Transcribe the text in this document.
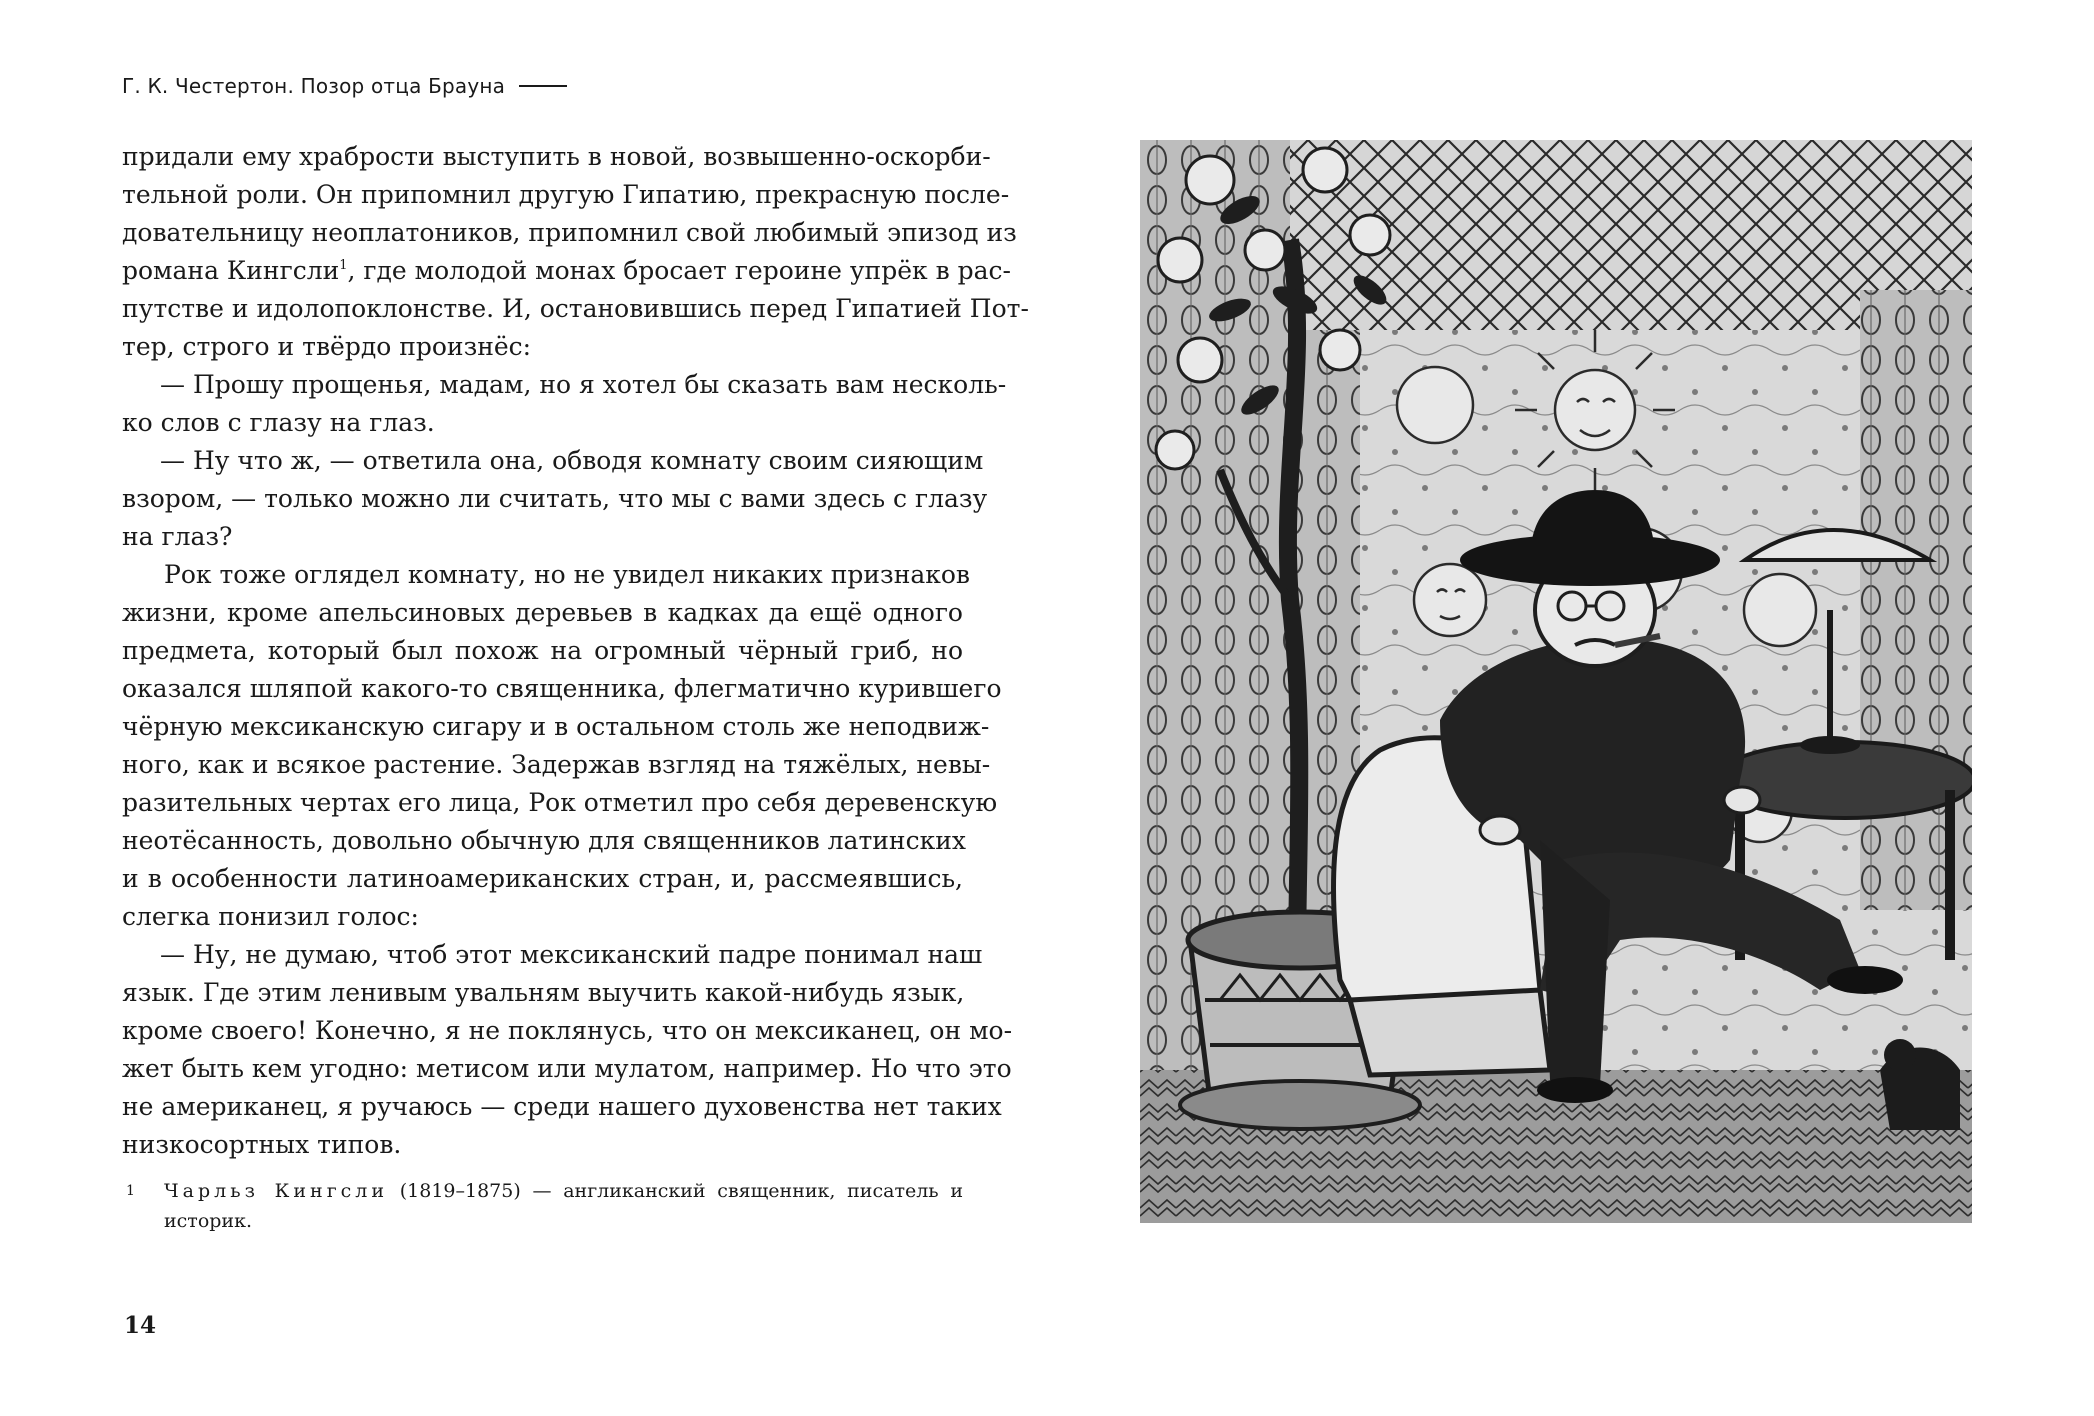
Г. К. Честертон.
Позор отца Брауна
придали ему храбрости выступить в новой, возвышенно-оскорби-
тельной роли. Он припомнил другую Гипатию, прекрасную после-
довательницу неоплатоников, припомнил свой любимый эпизод из
романа Кингсли$^1$, где молодой монах бросает героине упрёк в рас-
путстве и идолопоклонстве. И, остановившись перед Гипатией Пот-
тер, строго и твёрдо произнёс:
— Прошу прощенья, мадам, но я хотел бы сказать вам несколь-
ко слов с глазу на глаз.
— Ну что ж, — ответила она, обводя комнату своим сияющим
взором, — только можно ли считать, что мы с вами здесь с глазу
на глаз?
Рок тоже оглядел комнату, но не увидел никаких признаков
жизни, кроме апельсиновых деревьев в кадках да ещё одного
предмета, который был похож на огромный чёрный гриб, но
оказался шляпой какого-то священника, флегматично курившего
чёрную мексиканскую сигару и в остальном столь же неподвиж-
ного, как и всякое растение. Задержав взгляд на тяжёлых, невы-
разительных чертах его лица, Рок отметил про себя деревенскую
неотёсанность, довольно обычную для священников латинских
и в особенности латиноамериканских стран, и, рассмеявшись,
слегка понизил голос:
— Ну, не думаю, чтоб этот мексиканский падре понимал наш
язык. Где этим ленивым увальням выучить какой-нибудь язык,
кроме своего! Конечно, я не поклянусь, что он мексиканец, он мо-
жет быть кем угодно: метисом или мулатом, например. Но что это
не американец, я ручаюсь — среди нашего духовенства нет таких
низкосортных типов.
1 Чарльз Кингсли (1819–1875) — англиканский священник, писатель и историк.
14
